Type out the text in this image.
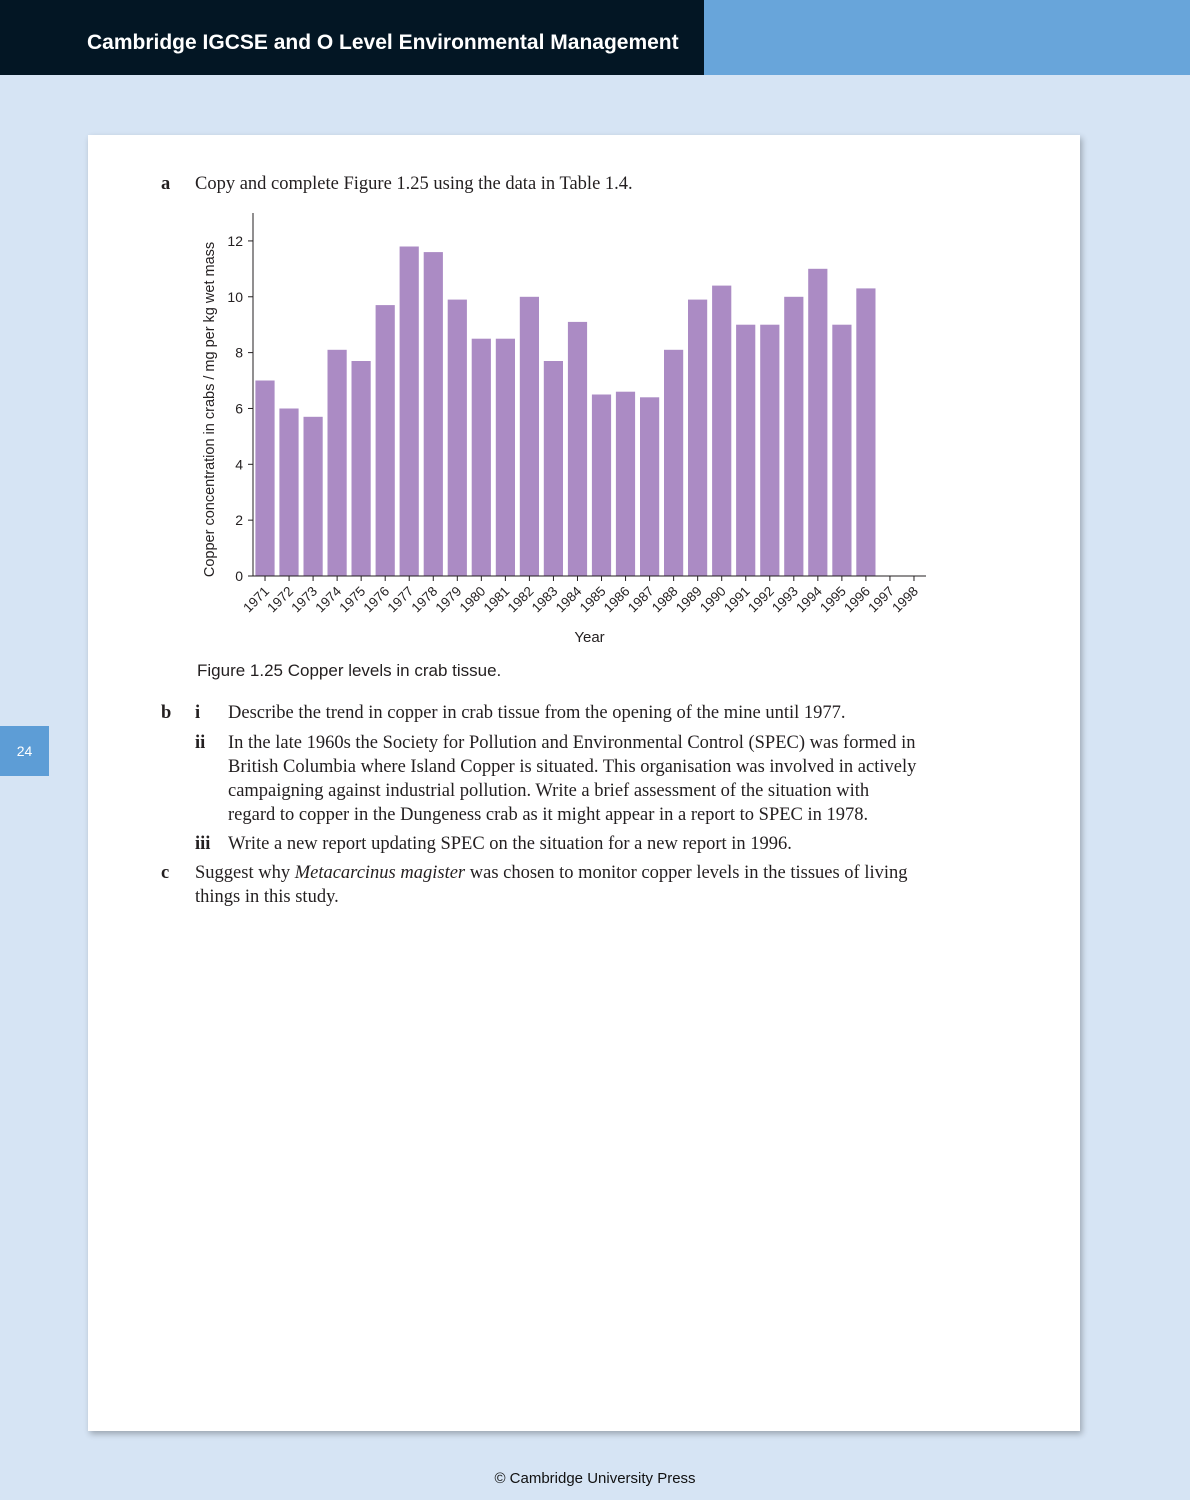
Cambridge IGCSE and O Level Environmental Management
24
a Copy and complete Figure 1.25 using the data in Table 1.4.
0
2
4
6
8
10
12
1971
1972
1973
1974
1975
1976
1977
1978
1979
1980
1981
1982
1983
1984
1985
1986
1987
1988
1989
1990
1991
1992
1993
1994
1995
1996
1997
1998
Year
Copper concentration in crabs / mg per kg wet mass
Figure 1.25 Copper levels in crab tissue.
b i Describe the trend in copper in crab tissue from the opening of the mine until 1977.
ii In the late 1960s the Society for Pollution and Environmental Control (SPEC) was formed in
British Columbia where Island Copper is situated. This organisation was involved in actively
campaigning against industrial pollution. Write a brief assessment of the situation with
regard to copper in the Dungeness crab as it might appear in a report to SPEC in 1978.
iii Write a new report updating SPEC on the situation for a new report in 1996.
c Suggest why Metacarcinus magister was chosen to monitor copper levels in the tissues of living
things in this study.
© Cambridge University Press
